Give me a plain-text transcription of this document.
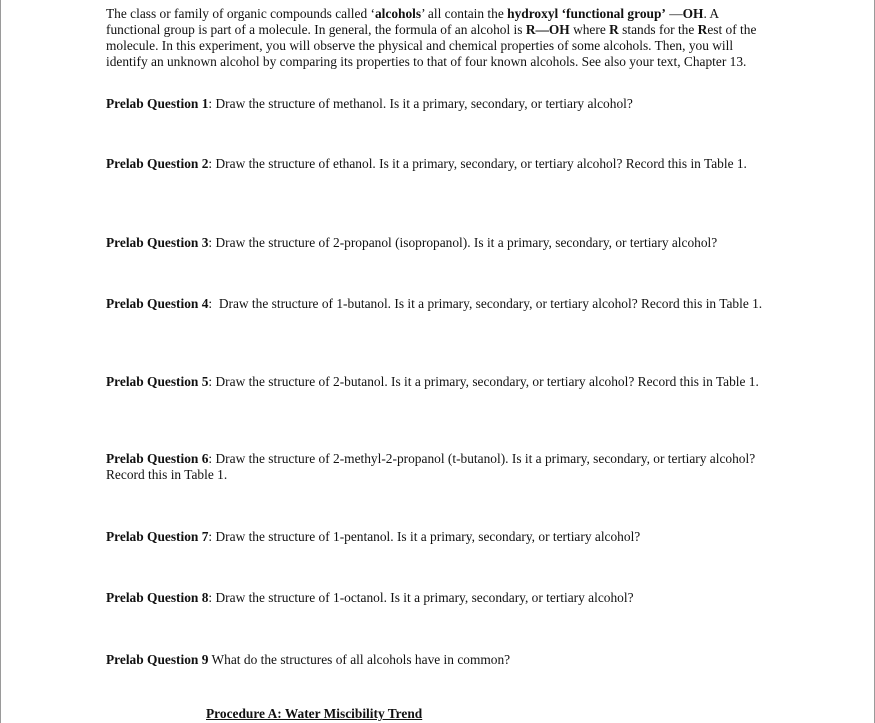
The class or family of organic compounds called ‘alcohols’ all contain the hydroxyl ‘functional group’ —OH. A functional group is part of a molecule. In general, the formula of an alcohol is R—OH where R stands for the Rest of the molecule. In this experiment, you will observe the physical and chemical properties of some alcohols. Then, you will identify an unknown alcohol by comparing its properties to that of four known alcohols. See also your text, Chapter 13.

Prelab Question 1: Draw the structure of methanol. Is it a primary, secondary, or tertiary alcohol?

Prelab Question 2: Draw the structure of ethanol. Is it a primary, secondary, or tertiary alcohol? Record this in Table 1.

Prelab Question 3: Draw the structure of 2-propanol (isopropanol). Is it a primary, secondary, or tertiary alcohol?

Prelab Question 4:  Draw the structure of 1-butanol. Is it a primary, secondary, or tertiary alcohol? Record this in Table 1.

Prelab Question 5: Draw the structure of 2-butanol. Is it a primary, secondary, or tertiary alcohol? Record this in Table 1.

Prelab Question 6: Draw the structure of 2-methyl-2-propanol (t-butanol). Is it a primary, secondary, or tertiary alcohol? Record this in Table 1.

Prelab Question 7: Draw the structure of 1-pentanol. Is it a primary, secondary, or tertiary alcohol?

Prelab Question 8: Draw the structure of 1-octanol. Is it a primary, secondary, or tertiary alcohol?

Prelab Question 9 What do the structures of all alcohols have in common?

Procedure A: Water Miscibility Trend
